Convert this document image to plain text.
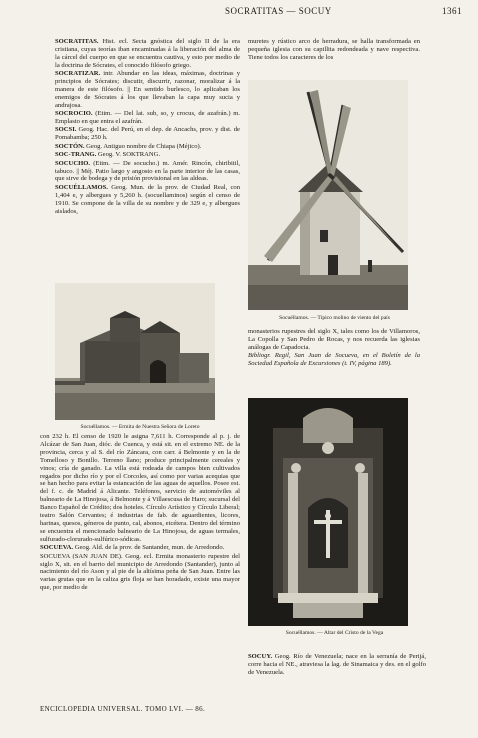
SOCRATITAS — SOCUY	1361

SOCRATITAS. Hist. ecl. Secta gnóstica del siglo II de la era cristiana, cuyas teorías iban encaminadas á la liberación del alma de la cárcel del cuerpo en que se encuentra cautiva, y esto por medio de la doctrina de Sócrates, el conocido filósofo griego.

SOCRATIZAR. intr. Abundar en las ideas, máximas, doctrinas y principios de Sócrates; discutir, discurrir, razonar, moralizar á la manera de este filósofo. || En sentido burlesco, lo aplicaban los enemigos de Sócrates á los que llevaban la capa muy sucia y andrajosa.

SOCROCIO. (Etim. — Del lat. sub, so, y crocus, de azafrán.) m. Emplasto en que entra el azafrán.

SOCSI. Geog. Hac. del Perú, en el dep. de Ancachs, prov. y dist. de Pomabamba; 250 h.

SOCTÓN. Geog. Antiguo nombre de Chiapa (Méjico).

SOC-TRANG. Geog. V. SOKTRANG.

SOCUCHO. (Etim. — De socucho.) m. Amér. Rincón, chiribitil, tabuco. || Méj. Patio largo y angosto en la parte interior de las casas, que sirve de bodega y de prisión provisional en las aldeas.

SOCUÉLLAMOS. Geog. Mun. de la prov. de Ciudad Real, con 1,404 e, y albergues y 5,260 h. (socuellaminos) según el censo de 1910. Se compone de la villa de su nombre y de 329 e, y albergues aislados,

Socuéllamos. — Ermita de Nuestra Señora de Loreto

con 232 h. El censo de 1920 le asigna 7,611 h. Corresponde al p. j. de Alcázar de San Juan, dióc. de Cuenca, y está sit. en el extremo NE. de la provincia, cerca y al S. del río Záncara, con carr. á Belmonte y en la de Tomelloso y Bonillo. Terreno llano; produce principalmente cereales y vinos; cría de ganado. La villa está rodeada de campos bien cultivados regados por dicho río y por el Corcoles, así como por varias acequias que se han hecho para evitar la estancación de las aguas de aquellos. Posee est. del f. c. de Madrid á Alicante. Teléfonos, servicio de automóviles al balneario de La Hinojosa, á Belmonte y á Villaescusa de Haro; sucursal del Banco Español de Crédito; dos hoteles. Círculo Artístico y Círculo Liberal; teatro Salón Cervantes; é industrias de fab. de aguardientes, licores, harinas, quesos, géneros de punto, cal, abonos, etcétera. Dentro del término se encuentra el mencionado balneario de La Hinojosa, de aguas termales, sulfurado-clorurado-sulfúrico-sódicas.

SOCUEVA. Geog. Ald. de la prov. de Santander, mun. de Arredondo.

SOCUEVA (SAN JUAN DE). Geog. ecl. Ermita monasterio rupestre del siglo X, sit. en el barrio del municipio de Arredondo (Santander), junto al nacimiento del río Ason y al pie de la altísima peña de San Juan. Entre las varias grutas que en la caliza gris floja se han horadado, existe una mayor que, por medio de

muretes y rústico arco de herradura, se halla transformada en pequeña iglesia con su capillita redondeada y nave respectiva. Tiene todos los caracteres de los

Socuéllamos. — Típico molino de viento del país

monasterios rupestres del siglo X, tales como los de Villamoros, La Copolla y San Pedro de Rocas, y nos recuerda las iglesias análogas de Capadocia.

Bibliogr. Regil, San Juan de Socueva, en el Boletín de la Sociedad Española de Excursiones (t. IV, página 189).

Socuéllamos. — Altar del Cristo de la Vega

SOCUY. Geog. Río de Venezuela; nace en la serranía de Perijá, corre hacia el NE., atraviesa la lag. de Sinamaica y des. en el golfo de Venezuela.

ENCICLOPEDIA UNIVERSAL. TOMO LVI. — 86.
